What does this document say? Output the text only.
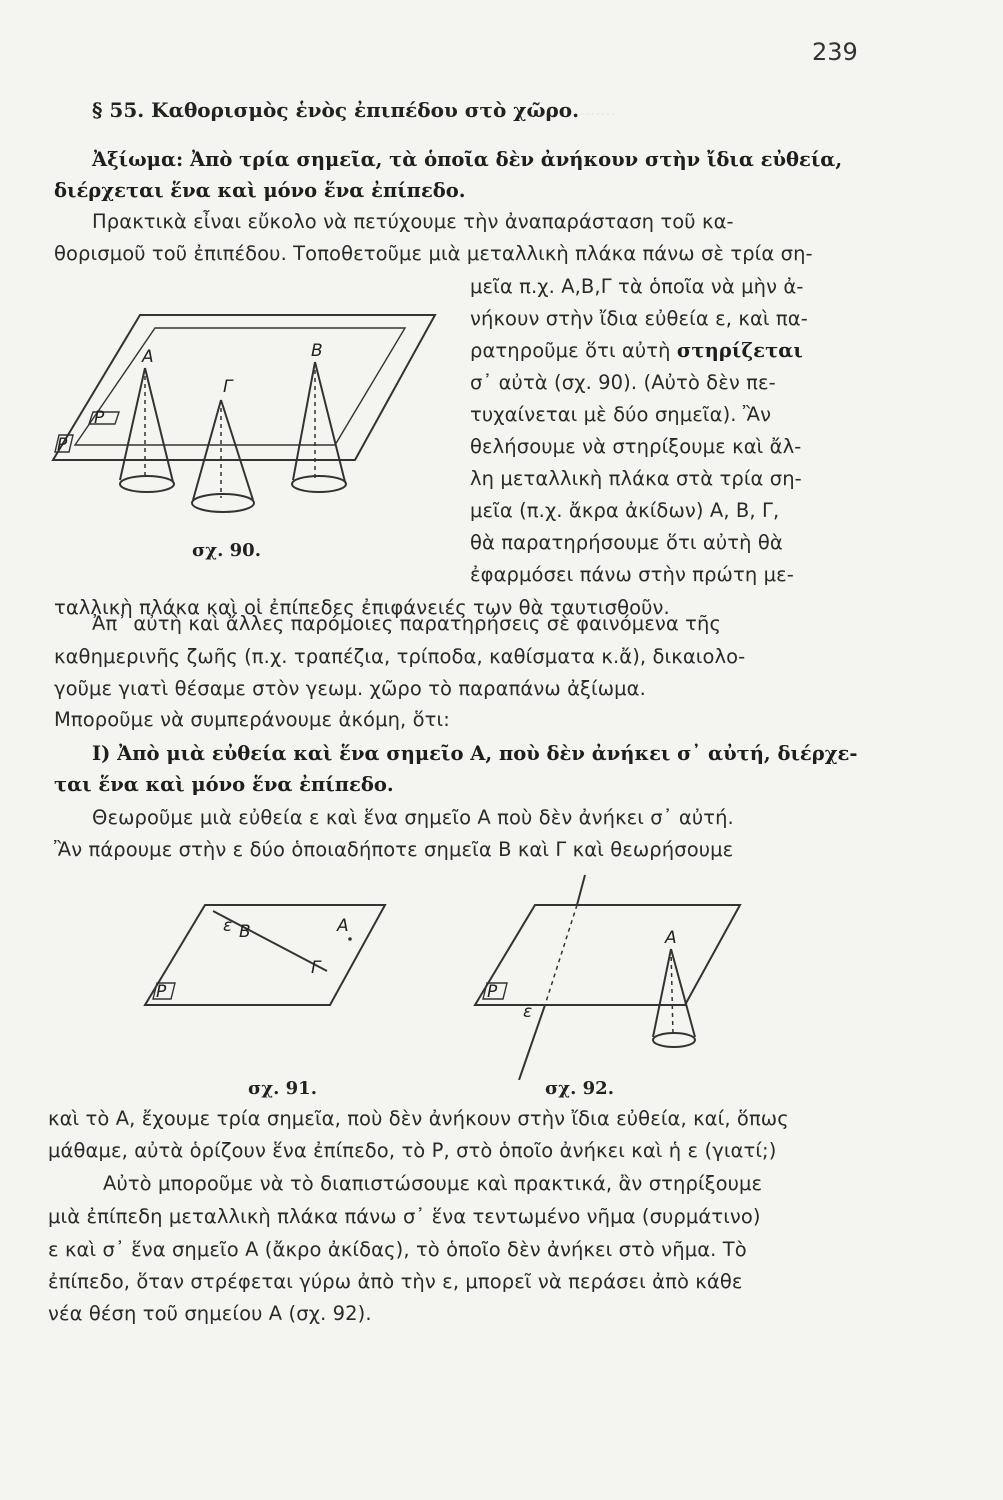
.......
239
§ 55. Καθορισμὸς ἑνὸς ἐπιπέδου στὸ χῶρο.
Ἀξίωμα: Ἀπὸ τρία σημεῖα, τὰ ὁποῖα δὲν ἀνήκουν στὴν ἴδια εὐθεία,
διέρχεται ἕνα καὶ μόνο ἕνα ἐπίπεδο.
Πρακτικὰ εἶναι εὔκολο νὰ πετύχουμε τὴν ἀναπαράσταση τοῦ κα-
θορισμοῦ τοῦ ἐπιπέδου. Τοποθετοῦμε μιὰ μεταλλικὴ πλάκα πάνω σὲ τρία ση-
μεῖα π.χ. Α,Β,Γ τὰ ὁποῖα νὰ μὴν ἀ-
νήκουν στὴν ἴδια εὐθεία ε, καὶ πα-
ρατηροῦμε ὅτι αὐτὴ στηρίζεται
σ᾽ αὐτὰ (σχ. 90). (Αὐτὸ δὲν πε-
τυχαίνεται μὲ δύο σημεῖα). Ἂν
θελήσουμε νὰ στηρίξουμε καὶ ἄλ-
λη μεταλλικὴ πλάκα στὰ τρία ση-
μεῖα (π.χ. ἄκρα ἀκίδων) Α, Β, Γ,
θὰ παρατηρήσουμε ὅτι αὐτὴ θὰ
ἐφαρμόσει πάνω στὴν πρώτη με-
ταλλικὴ πλάκα καὶ οἱ ἐπίπεδες ἐπιφάνειές των θὰ ταυτισθοῦν.
Ρ
Ρ
Α	Β
Γ
σχ. 90.
Ἀπ᾽ αὐτὴ καὶ ἄλλες παρόμοιες παρατηρήσεις σὲ φαινόμενα τῆς
καθημερινῆς ζωῆς (π.χ. τραπέζια, τρίποδα, καθίσματα κ.ἄ), δικαιολο-
γοῦμε γιατὶ θέσαμε στὸν γεωμ. χῶρο τὸ παραπάνω ἀξίωμα.
Μποροῦμε νὰ συμπεράνουμε ἀκόμη, ὅτι:
Ι) Ἀπὸ μιὰ εὐθεία καὶ ἕνα σημεῖο Α, ποὺ δὲν ἀνήκει σ᾽ αὐτή, διέρχε-
ται ἕνα καὶ μόνο ἕνα ἐπίπεδο.
Θεωροῦμε μιὰ εὐθεία ε καὶ ἕνα σημεῖο Α ποὺ δὲν ἀνήκει σ᾽ αὐτή.
Ἂν πάρουμε στὴν ε δύο ὁποιαδήποτε σημεῖα Β καὶ Γ καὶ θεωρήσουμε
Ρ
ε Β
Γ
Α
σχ. 91.
Ρ
ε
Α
σχ. 92.
καὶ τὸ Α, ἔχουμε τρία σημεῖα, ποὺ δὲν ἀνήκουν στὴν ἴδια εὐθεία, καί, ὅπως
μάθαμε, αὐτὰ ὁρίζουν ἕνα ἐπίπεδο, τὸ Ρ, στὸ ὁποῖο ἀνήκει καὶ ἡ ε (γιατί;)
Αὐτὸ μποροῦμε νὰ τὸ διαπιστώσουμε καὶ πρακτικά, ἂν στηρίξουμε
μιὰ ἐπίπεδη μεταλλικὴ πλάκα πάνω σ᾽ ἕνα τεντωμένο νῆμα (συρμάτινο)
ε καὶ σ᾽ ἕνα σημεῖο Α (ἄκρο ἀκίδας), τὸ ὁποῖο δὲν ἀνήκει στὸ νῆμα. Τὸ
ἐπίπεδο, ὅταν στρέφεται γύρω ἀπὸ τὴν ε, μπορεῖ νὰ περάσει ἀπὸ κάθε
νέα θέση τοῦ σημείου Α (σχ. 92).
